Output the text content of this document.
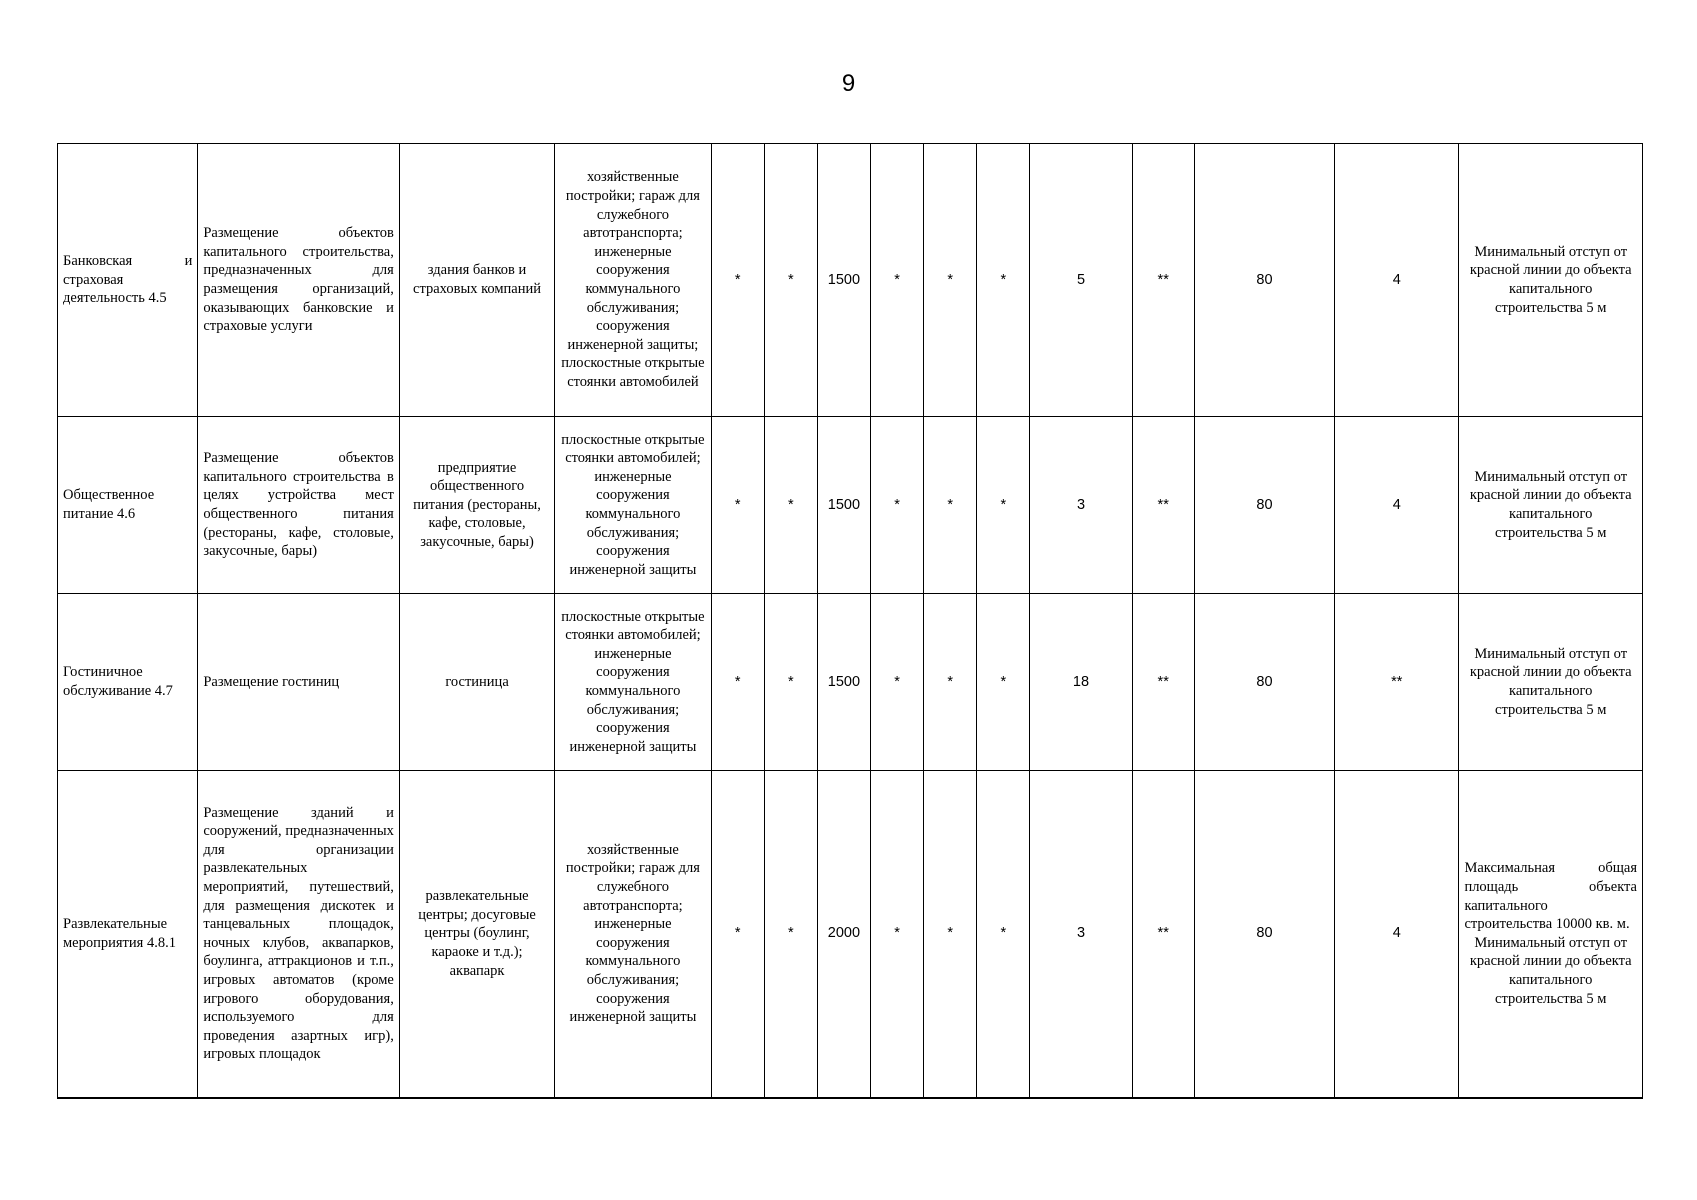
9
Банковская и страховая деятельность 4.5	Размещение объектов капитального строительства, предназначенных для размещения организаций, оказывающих банковские и страховые услуги	здания банков и страховых компаний	хозяйственные постройки; гараж для служебного автотранспорта; инженерные сооружения коммунального обслуживания; сооружения инженерной защиты; плоскостные открытые стоянки автомобилей	*	*	1500	*	*	*	5	**	80	4	Минимальный отступ от красной линии до объекта капитального строительства 5 м
Общественное питание 4.6	Размещение объектов капитального строительства в целях устройства мест общественного питания (рестораны, кафе, столовые, закусочные, бары)	предприятие общественного питания (рестораны, кафе, столовые, закусочные, бары)	плоскостные открытые стоянки автомобилей; инженерные сооружения коммунального обслуживания; сооружения инженерной защиты	*	*	1500	*	*	*	3	**	80	4	Минимальный отступ от красной линии до объекта капитального строительства 5 м
Гостиничное обслуживание 4.7	Размещение гостиниц	гостиница	плоскостные открытые стоянки автомобилей; инженерные сооружения коммунального обслуживания; сооружения инженерной защиты	*	*	1500	*	*	*	18	**	80	**	Минимальный отступ от красной линии до объекта капитального строительства 5 м
Развлекательные мероприятия 4.8.1	Размещение зданий и сооружений, предназначенных для организации развлекательных мероприятий, путешествий, для размещения дискотек и танцевальных площадок, ночных клубов, аквапарков, боулинга, аттракционов и т.п., игровых автоматов (кроме игрового оборудования, используемого для проведения азартных игр), игровых площадок	развлекательные центры; досуговые центры (боулинг, караоке и т.д.); аквапарк	хозяйственные постройки; гараж для служебного автотранспорта; инженерные сооружения коммунального обслуживания; сооружения инженерной защиты	*	*	2000	*	*	*	3	**	80	4	Максимальная общая площадь объекта капитального строительства 10000 кв. м.
Минимальный отступ от красной линии до объекта капитального строительства 5 м
